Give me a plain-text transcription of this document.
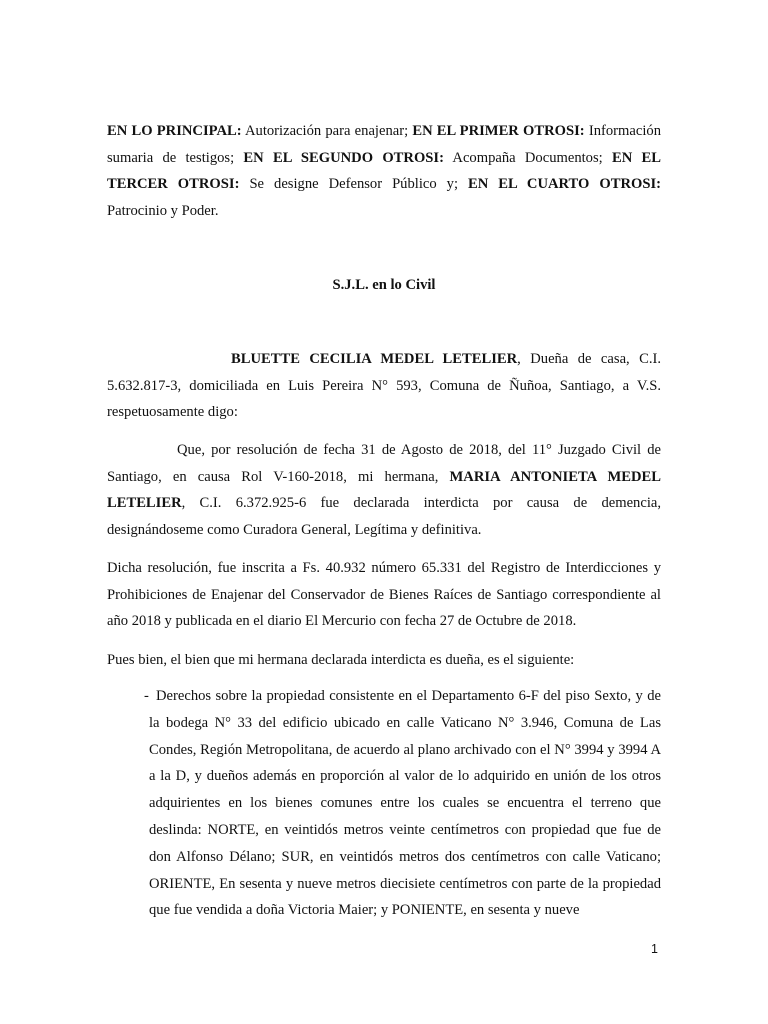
EN LO PRINCIPAL: Autorización para enajenar; EN EL PRIMER OTROSI: Información sumaria de testigos; EN EL SEGUNDO OTROSI: Acompaña Documentos; EN EL TERCER OTROSI: Se designe Defensor Público y; EN EL CUARTO OTROSI: Patrocinio y Poder.
S.J.L. en lo Civil
BLUETTE CECILIA MEDEL LETELIER, Dueña de casa, C.I. 5.632.817-3, domiciliada en Luis Pereira N° 593, Comuna de Ñuñoa, Santiago, a V.S. respetuosamente digo:
Que, por resolución de fecha 31 de Agosto de 2018, del 11° Juzgado Civil de Santiago, en causa Rol V-160-2018, mi hermana, MARIA ANTONIETA MEDEL LETELIER, C.I. 6.372.925-6 fue declarada interdicta por causa de demencia, designándoseme como Curadora General, Legítima y definitiva.
Dicha resolución, fue inscrita a Fs. 40.932 número 65.331 del Registro de Interdicciones y Prohibiciones de Enajenar del Conservador de Bienes Raíces de Santiago correspondiente al año 2018 y publicada en el diario El Mercurio con fecha 27 de Octubre de 2018.
Pues bien, el bien que mi hermana declarada interdicta es dueña, es el siguiente:
- Derechos sobre la propiedad consistente en el Departamento 6-F del piso Sexto, y de la bodega N° 33 del edificio ubicado en calle Vaticano N° 3.946, Comuna de Las Condes, Región Metropolitana, de acuerdo al plano archivado con el N° 3994 y 3994 A a la D, y dueños además en proporción al valor de lo adquirido en unión de los otros adquirientes en los bienes comunes entre los cuales se encuentra el terreno que deslinda: NORTE, en veintidós metros veinte centímetros con propiedad que fue de don Alfonso Délano; SUR, en veintidós metros dos centímetros con calle Vaticano; ORIENTE, En sesenta y nueve metros diecisiete centímetros con parte de la propiedad que fue vendida a doña Victoria Maier; y PONIENTE, en sesenta y nueve
1
